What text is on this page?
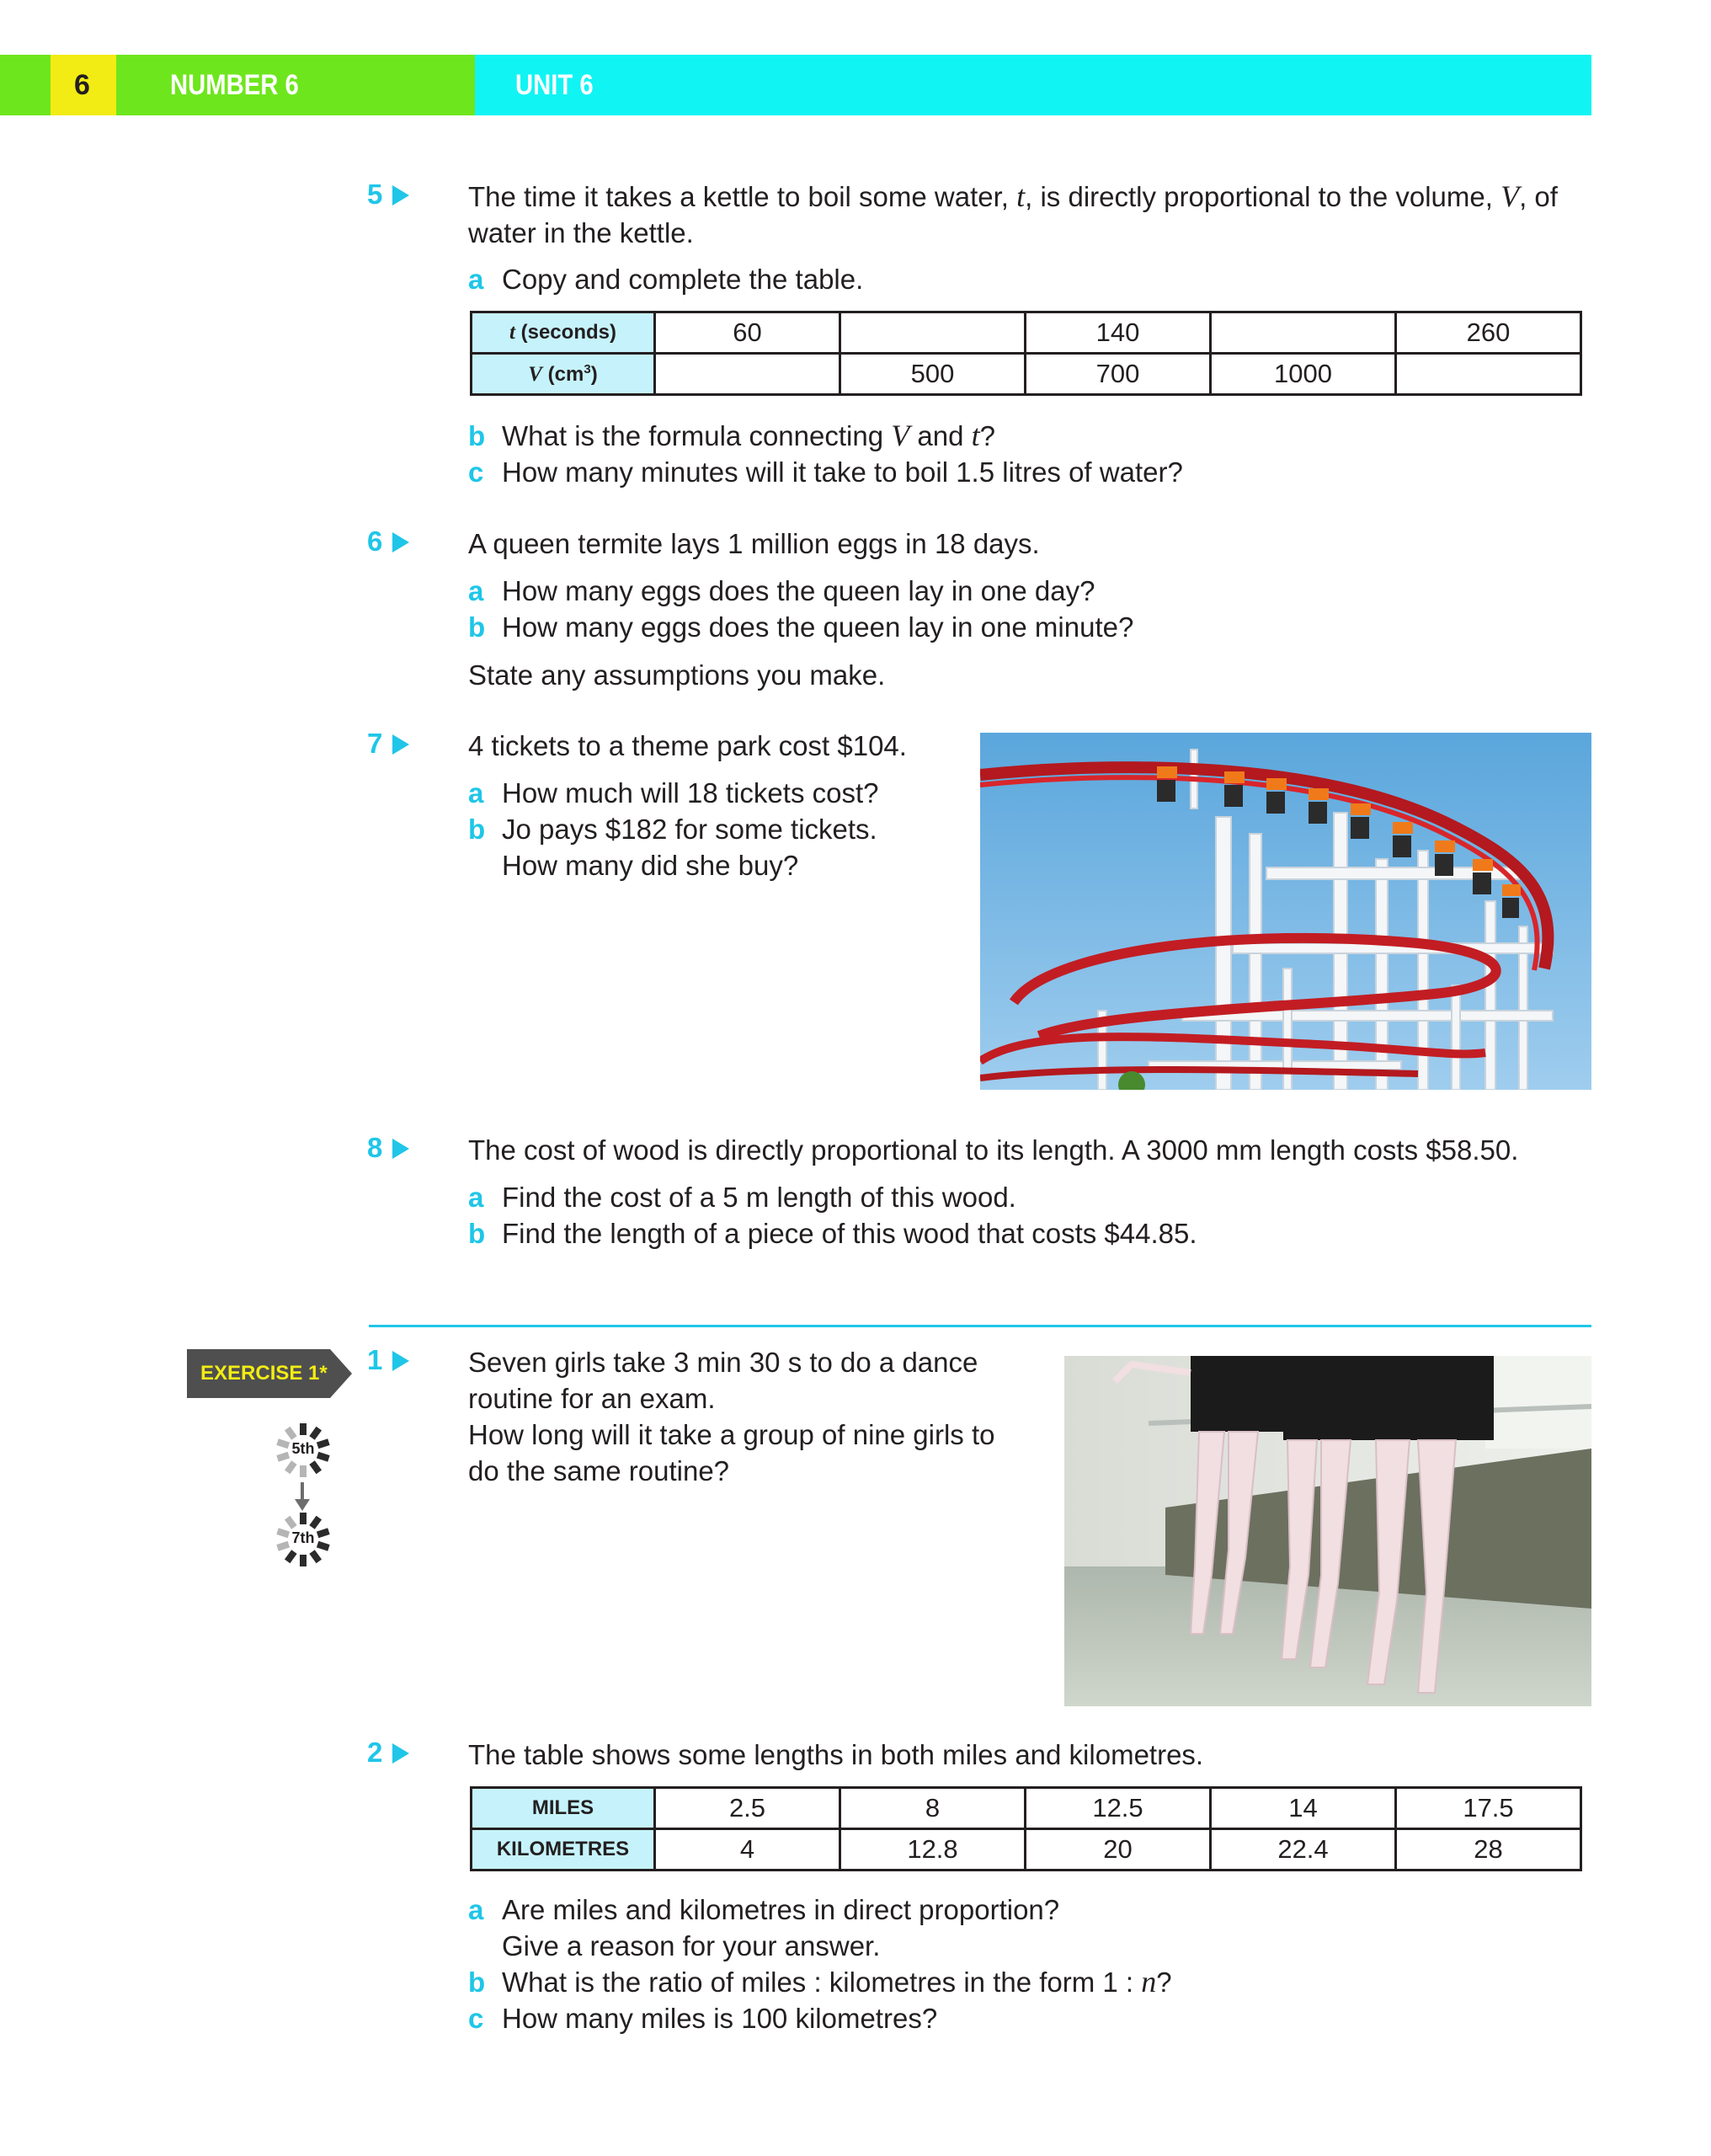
6	NUMBER 6	UNIT 6
5	The time it takes a kettle to boil some water, t, is directly proportional to the volume, V, of
water in the kettle.
a Copy and complete the table.
t (seconds)	60		140		260
V $(cm^3)$		500	700	1000	
b What is the formula connecting V and t?
c How many minutes will it take to boil 1.5 litres of water?
6	A queen termite lays 1 million eggs in 18 days.
a How many eggs does the queen lay in one day?
b How many eggs does the queen lay in one minute?
State any assumptions you make.
7	4 tickets to a theme park cost $104.
a How much will 18 tickets cost?
b Jo pays $182 for some tickets.
How many did she buy?
8	The cost of wood is directly proportional to its length. A 3000 mm length costs $58.50.
a Find the cost of a 5 m length of this wood.
b Find the length of a piece of this wood that costs $44.85.
EXERCISE 1*
5th
7th
1	Seven girls take 3 min 30 s to do a dance
routine for an exam.
How long will it take a group of nine girls to
do the same routine?
2	The table shows some lengths in both miles and kilometres.
MILES	2.5	8	12.5	14	17.5
KILOMETRES	4	12.8	20	22.4	28
a Are miles and kilometres in direct proportion?
Give a reason for your answer.
b What is the ratio of miles : kilometres in the form 1 : n?
c How many miles is 100 kilometres?
